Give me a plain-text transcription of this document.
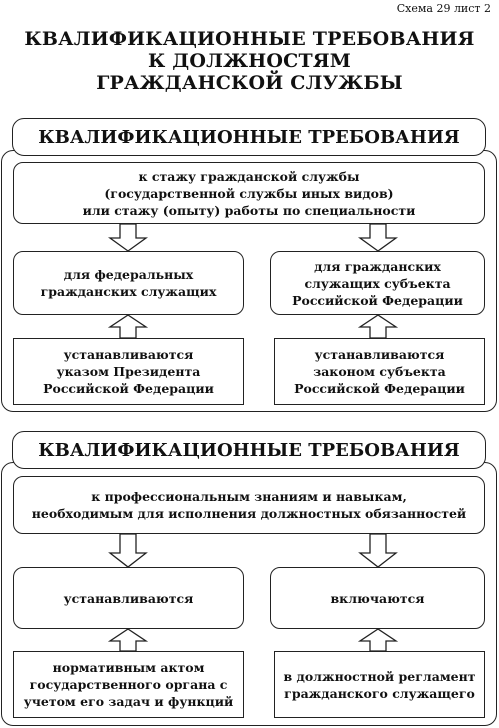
Схема 29 лист 2
КВАЛИФИКАЦИОННЫЕ ТРЕБОВАНИЯ
К ДОЛЖНОСТЯМ
ГРАЖДАНСКОЙ СЛУЖБЫ
КВАЛИФИКАЦИОННЫЕ ТРЕБОВАНИЯ
к стажу гражданской службы
(государственной службы иных видов)
или стажу (опыту) работы по специальности
для федеральных
гражданских служащих
для гражданских
служащих субъекта
Российской Федерации
устанавливаются
указом Президента
Российской Федерации
устанавливаются
законом субъекта
Российской Федерации
КВАЛИФИКАЦИОННЫЕ ТРЕБОВАНИЯ
к профессиональным знаниям и навыкам,
необходимым для исполнения должностных обязанностей
устанавливаются	включаются
нормативным актом
государственного органа с
учетом его задач и функций
в должностной регламент
гражданского служащего
